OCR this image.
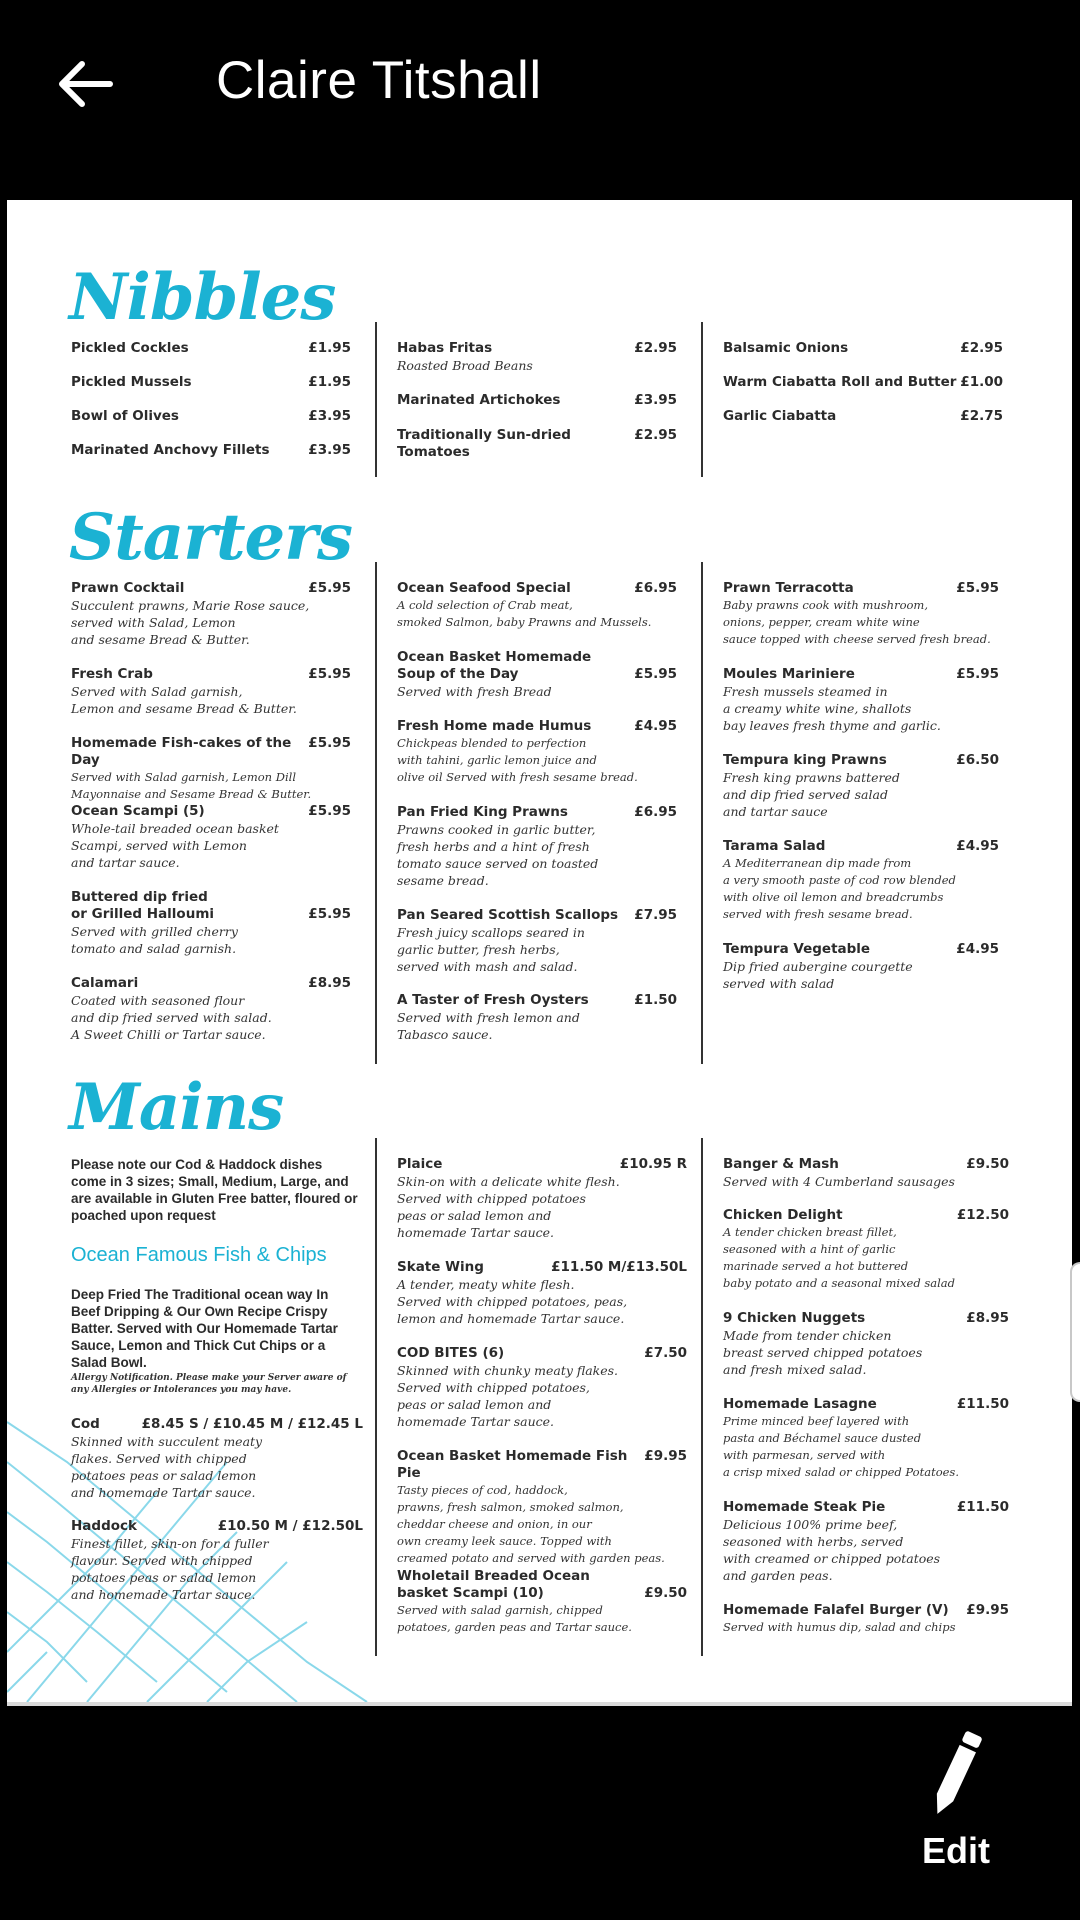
Claire Titshall
Nibbles
Pickled Cockles	£1.95
Pickled Mussels	£1.95
Bowl of Olives	£3.95
Marinated Anchovy Fillets	£3.95
Habas Fritas	£2.95
Roasted Broad Beans
Marinated Artichokes	£3.95
Traditionally Sun-dried Tomatoes
£2.95
Balsamic Onions	£2.95
Warm Ciabatta Roll and Butter £1.00
Garlic Ciabatta	£2.75
Starters
Prawn Cocktail	£5.95
Succulent prawns, Marie Rose sauce,
served with Salad, Lemon
and sesame Bread & Butter.
Fresh Crab	£5.95
Served with Salad garnish,
Lemon and sesame Bread & Butter.
Homemade Fish-cakes of the Day
£5.95
Served with Salad garnish, Lemon Dill
Mayonnaise and Sesame Bread & Butter.
Ocean Scampi (5)	£5.95
Whole-tail breaded ocean basket
Scampi, served with Lemon
and tartar sauce.
Buttered dip fried
or Grilled Halloumi	£5.95
Served with grilled cherry
tomato and salad garnish.
Calamari	£8.95
Coated with seasoned flour
and dip fried served with salad.
A Sweet Chilli or Tartar sauce.
Ocean Seafood Special	£6.95
A cold selection of Crab meat,
smoked Salmon, baby Prawns and Mussels.
Ocean Basket Homemade
Soup of the Day	£5.95
Served with fresh Bread
Fresh Home made Humus	£4.95
Chickpeas blended to perfection
with tahini, garlic lemon juice and
olive oil Served with fresh sesame bread.
Pan Fried King Prawns	£6.95
Prawns cooked in garlic butter,
fresh herbs and a hint of fresh
tomato sauce served on toasted
sesame bread.
Pan Seared Scottish Scallops £7.95
Fresh juicy scallops seared in
garlic butter, fresh herbs,
served with mash and salad.
A Taster of Fresh Oysters	£1.50
Served with fresh lemon and
Tabasco sauce.
Prawn Terracotta	£5.95
Baby prawns cook with mushroom,
onions, pepper, cream white wine
sauce topped with cheese served fresh bread.
Moules Mariniere	£5.95
Fresh mussels steamed in
a creamy white wine, shallots
bay leaves fresh thyme and garlic.
Tempura king Prawns	£6.50
Fresh king prawns battered
and dip fried served salad
and tartar sauce
Tarama Salad	£4.95
A Mediterranean dip made from
a very smooth paste of cod row blended
with olive oil lemon and breadcrumbs
served with fresh sesame bread.
Tempura Vegetable	£4.95
Dip fried aubergine courgette
served with salad
Mains
Please note our Cod & Haddock dishes come in 3 sizes; Small, Medium, Large, and are available in Gluten Free batter, floured or poached upon request
Ocean Famous Fish & Chips
Deep Fried The Traditional ocean way In Beef Dripping & Our Own Recipe Crispy Batter. Served with Our Homemade Tartar Sauce, Lemon and Thick Cut Chips or a Salad Bowl.
Allergy Notification. Please make your Server aware of any Allergies or Intolerances you may have.
Cod	£8.45 S / £10.45 M / £12.45 L
Skinned with succulent meaty
flakes. Served with chipped
potatoes peas or salad lemon
and homemade Tartar sauce.
Haddock	£10.50 M / £12.50L
Finest fillet, skin-on for a fuller
flavour. Served with chipped
potatoes peas or salad lemon
and homemade Tartar sauce.
Plaice	£10.95 R
Skin-on with a delicate white flesh.
Served with chipped potatoes
peas or salad lemon and
homemade Tartar sauce.
Skate Wing	£11.50 M/£13.50L
A tender, meaty white flesh.
Served with chipped potatoes, peas,
lemon and homemade Tartar sauce.
COD BITES (6)	£7.50
Skinned with chunky meaty flakes.
Served with chipped potatoes,
peas or salad lemon and
homemade Tartar sauce.
Ocean Basket Homemade Fish Pie
£9.95
Tasty pieces of cod, haddock,
prawns, fresh salmon, smoked salmon,
cheddar cheese and onion, in our
own creamy leek sauce. Topped with
creamed potato and served with garden peas.
Wholetail Breaded Ocean
basket Scampi (10)	£9.50
Served with salad garnish, chipped
potatoes, garden peas and Tartar sauce.
Banger & Mash	£9.50
Served with 4 Cumberland sausages
Chicken Delight	£12.50
A tender chicken breast fillet,
seasoned with a hint of garlic
marinade served a hot buttered
baby potato and a seasonal mixed salad
9 Chicken Nuggets	£8.95
Made from tender chicken
breast served chipped potatoes
and fresh mixed salad.
Homemade Lasagne	£11.50
Prime minced beef layered with
pasta and Béchamel sauce dusted
with parmesan, served with
a crisp mixed salad or chipped Potatoes.
Homemade Steak Pie	£11.50
Delicious 100% prime beef,
seasoned with herbs, served
with creamed or chipped potatoes
and garden peas.
Homemade Falafel Burger (V) £9.95
Served with humus dip, salad and chips
Edit
